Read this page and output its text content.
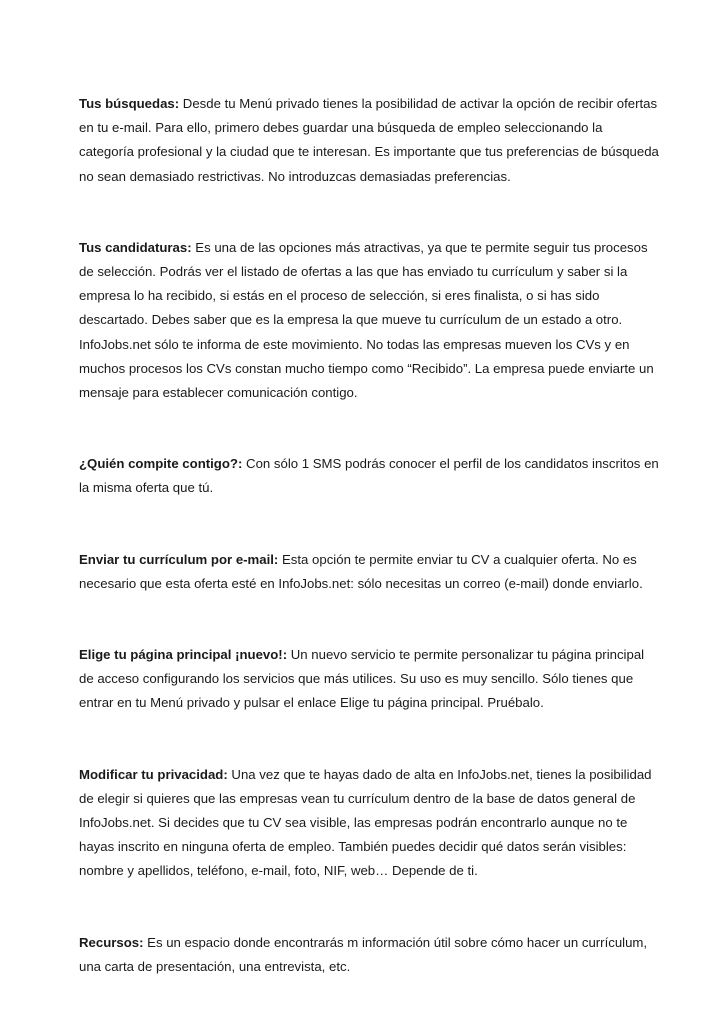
Tus búsquedas: Desde tu Menú privado tienes la posibilidad de activar la opción de recibir ofertas en tu e-mail. Para ello, primero debes guardar una búsqueda de empleo seleccionando la categoría profesional y la ciudad que te interesan. Es importante que tus preferencias de búsqueda no sean demasiado restrictivas. No introduzcas demasiadas preferencias.

Tus candidaturas: Es una de las opciones más atractivas, ya que te permite seguir tus procesos de selección. Podrás ver el listado de ofertas a las que has enviado tu currículum y saber si la empresa lo ha recibido, si estás en el proceso de selección, si eres finalista, o si has sido descartado. Debes saber que es la empresa la que mueve tu currículum de un estado a otro. InfoJobs.net sólo te informa de este movimiento. No todas las empresas mueven los CVs y en muchos procesos los CVs constan mucho tiempo como “Recibido”. La empresa puede enviarte un mensaje para establecer comunicación contigo.

¿Quién compite contigo?: Con sólo 1 SMS podrás conocer el perfil de los candidatos inscritos en la misma oferta que tú.

Enviar tu currículum por e-mail: Esta opción te permite enviar tu CV a cualquier oferta. No es necesario que esta oferta esté en InfoJobs.net: sólo necesitas un correo (e-mail) donde enviarlo.

Elige tu página principal ¡nuevo!: Un nuevo servicio te permite personalizar tu página principal de acceso configurando los servicios que más utilices. Su uso es muy sencillo. Sólo tienes que entrar en tu Menú privado y pulsar el enlace Elige tu página principal. Pruébalo.

Modificar tu privacidad: Una vez que te hayas dado de alta en InfoJobs.net, tienes la posibilidad de elegir si quieres que las empresas vean tu currículum dentro de la base de datos general de InfoJobs.net. Si decides que tu CV sea visible, las empresas podrán encontrarlo aunque no te hayas inscrito en ninguna oferta de empleo. También puedes decidir qué datos serán visibles: nombre y apellidos, teléfono, e-mail, foto, NIF, web… Depende de ti.

Recursos: Es un espacio donde encontrarás m información útil sobre cómo hacer un currículum, una carta de presentación, una entrevista, etc.
